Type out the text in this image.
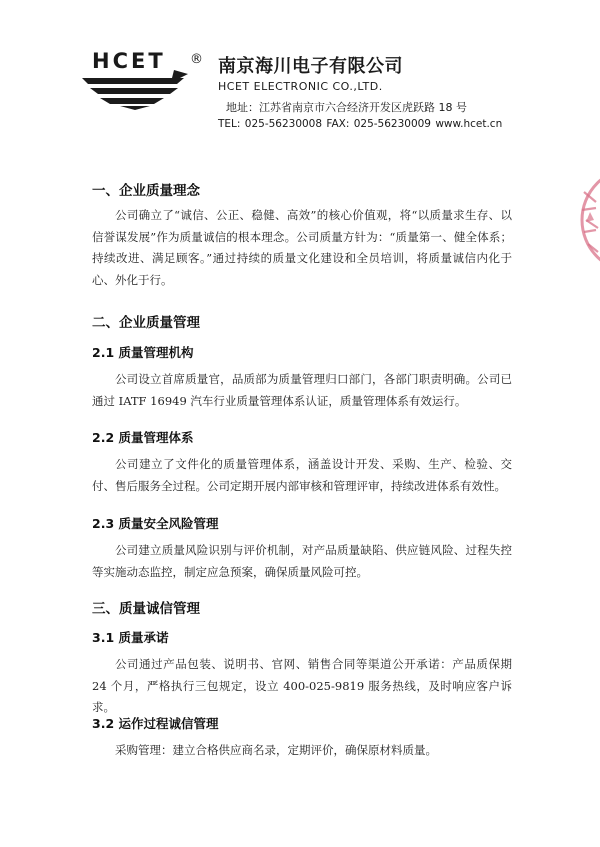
HCET ® 南京海川电子有限公司
HCET ELECTRONIC CO.,LTD.
地址：江苏省南京市六合经济开发区虎跃路 18 号
TEL: 025-56230008 FAX: 025-56230009 www.hcet.cn
一、企业质量理念

公司确立了“诚信、公正、稳健、高效”的核心价值观，将“以质量求生存、以信誉谋发展”作为质量诚信的根本理念。公司质量方针为：“质量第一、健全体系；持续改进、满足顾客。”通过持续的质量文化建设和全员培训，将质量诚信内化于心、外化于行。

二、企业质量管理
2.1 质量管理机构

公司设立首席质量官，品质部为质量管理归口部门，各部门职责明确。公司已通过 IATF 16949 汽车行业质量管理体系认证，质量管理体系有效运行。

2.2 质量管理体系

公司建立了文件化的质量管理体系，涵盖设计开发、采购、生产、检验、交付、售后服务全过程。公司定期开展内部审核和管理评审，持续改进体系有效性。

2.3 质量安全风险管理

公司建立质量风险识别与评价机制，对产品质量缺陷、供应链风险、过程失控等实施动态监控，制定应急预案，确保质量风险可控。

三、质量诚信管理
3.1 质量承诺

公司通过产品包装、说明书、官网、销售合同等渠道公开承诺：产品质保期 24 个月，严格执行三包规定，设立 400-025-9819 服务热线，及时响应客户诉求。

3.2 运作过程诚信管理

采购管理：建立合格供应商名录，定期评价，确保原材料质量。
